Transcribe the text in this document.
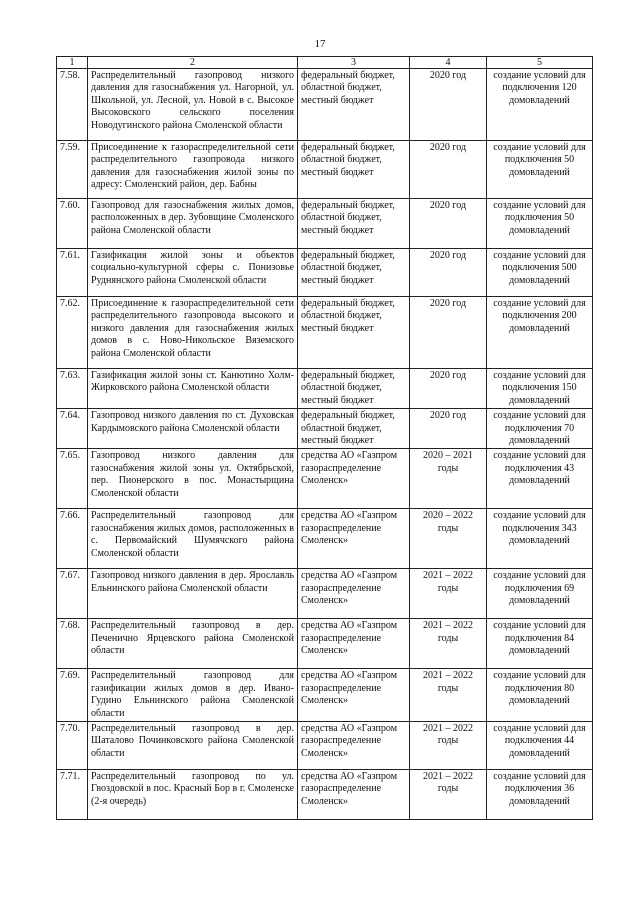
17
1	2	3	4	5
7.58.	Распределительный газопровод низкого давления для газоснабжения ул. Нагорной, ул. Школьной, ул. Лесной, ул. Новой в с. Высокое Высоковского сельского поселения Новодугинского района Смоленской области	федеральный бюджет, областной бюджет, местный бюджет	2020 год	создание условий для подключения 120 домовладений
7.59.	Присоединение к газораспределительной сети распределительного газопровода низкого давления для газоснабжения жилой зоны по адресу: Смоленский район, дер. Бабны	федеральный бюджет, областной бюджет, местный бюджет	2020 год	создание условий для подключения 50 домовладений
7.60.	Газопровод для газоснабжения жилых домов, расположенных в дер. Зубовщине Смоленского района Смоленской области	федеральный бюджет, областной бюджет, местный бюджет	2020 год	создание условий для подключения 50 домовладений
7.61.	Газификация жилой зоны и объектов социально-культурной сферы с. Понизовье Руднянского района Смоленской области	федеральный бюджет, областной бюджет, местный бюджет	2020 год	создание условий для подключения 500 домовладений
7.62.	Присоединение к газораспределительной сети распределительного газопровода высокого и низкого давления для газоснабжения жилых домов в с. Ново-Никольское Вяземского района Смоленской области	федеральный бюджет, областной бюджет, местный бюджет	2020 год	создание условий для подключения 200 домовладений
7.63.	Газификация жилой зоны ст. Канютино Холм-Жирковского района Смоленской области	федеральный бюджет, областной бюджет, местный бюджет	2020 год	создание условий для подключения 150 домовладений
7.64.	Газопровод низкого давления по ст. Духовская Кардымовского района Смоленской области	федеральный бюджет, областной бюджет, местный бюджет	2020 год	создание условий для подключения 70 домовладений
7.65.	Газопровод низкого давления для газоснабжения жилой зоны ул. Октябрьской, пер. Пионерского в пос. Монастырщина Смоленской области	средства АО «Газпром газораспределение Смоленск»	2020 – 2021 годы	создание условий для подключения 43 домовладений
7.66.	Распределительный газопровод для газоснабжения жилых домов, расположенных в с. Первомайский Шумячского района Смоленской области	средства АО «Газпром газораспределение Смоленск»	2020 – 2022 годы	создание условий для подключения 343 домовладений
7.67.	Газопровод низкого давления в дер. Ярославль Ельнинского района Смоленской области	средства АО «Газпром газораспределение Смоленск»	2021 – 2022 годы	создание условий для подключения 69 домовладений
7.68.	Распределительный газопровод в дер. Печенично Ярцевского района Смоленской области	средства АО «Газпром газораспределение Смоленск»	2021 – 2022 годы	создание условий для подключения 84 домовладений
7.69.	Распределительный газопровод для газификации жилых домов в дер. Ивано-Гудино Ельнинского района Смоленской области	средства АО «Газпром газораспределение Смоленск»	2021 – 2022 годы	создание условий для подключения 80 домовладений
7.70.	Распределительный газопровод в дер. Шаталово Починковского района Смоленской области	средства АО «Газпром газораспределение Смоленск»	2021 – 2022 годы	создание условий для подключения 44 домовладений
7.71.	Распределительный газопровод по ул. Гвоздовской в пос. Красный Бор в г. Смоленске (2-я очередь)	средства АО «Газпром газораспределение Смоленск»	2021 – 2022 годы	создание условий для подключения 36 домовладений
